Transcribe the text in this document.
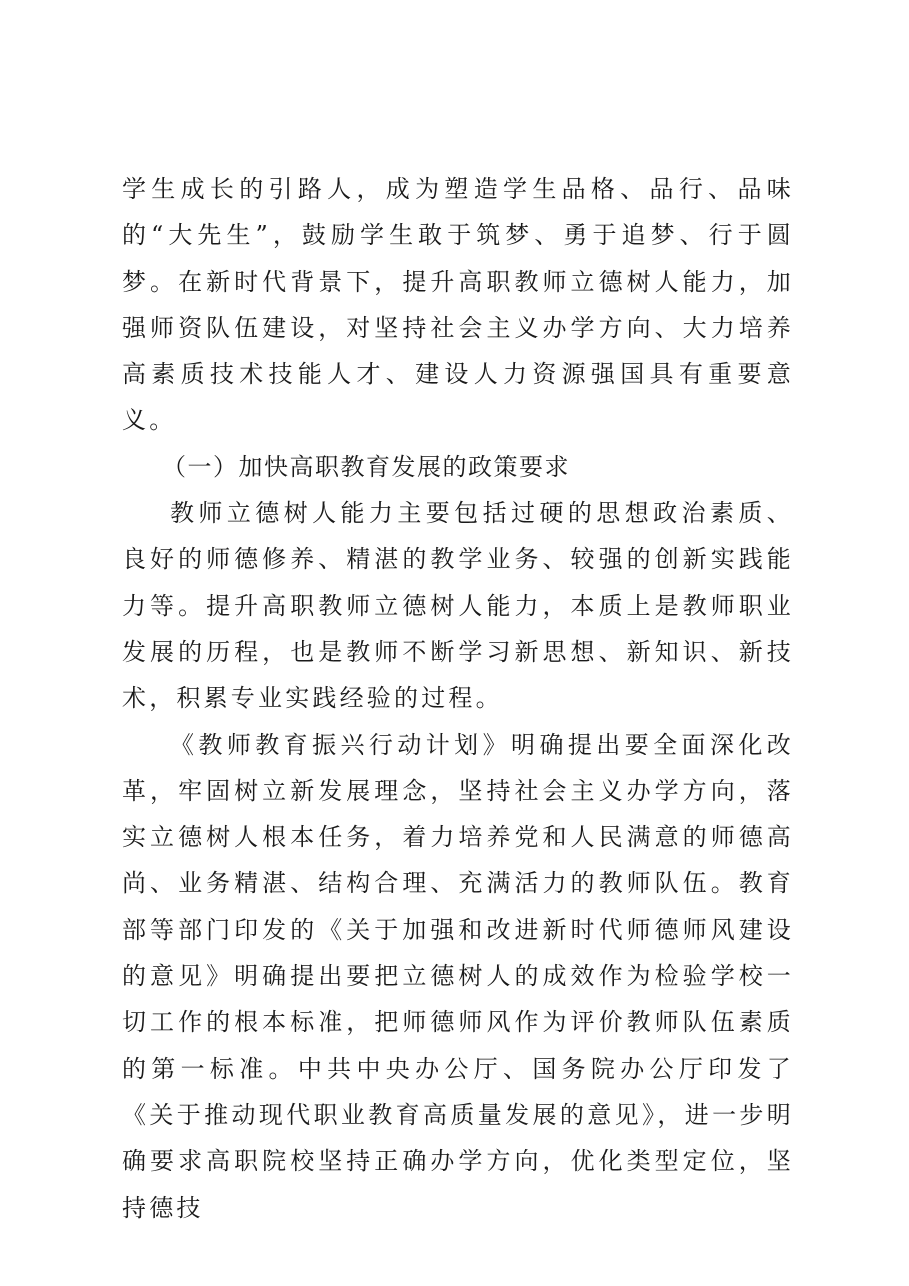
学生成长的引路人，成为塑造学生品格、品行、品味的“大先生”，鼓励学生敢于筑梦、勇于追梦、行于圆梦。在新时代背景下，提升高职教师立德树人能力，加强师资队伍建设，对坚持社会主义办学方向、大力培养高素质技术技能人才、建设人力资源强国具有重要意义。

（一）加快高职教育发展的政策要求

教师立德树人能力主要包括过硬的思想政治素质、良好的师德修养、精湛的教学业务、较强的创新实践能力等。提升高职教师立德树人能力，本质上是教师职业发展的历程，也是教师不断学习新思想、新知识、新技术，积累专业实践经验的过程。

《教师教育振兴行动计划》明确提出要全面深化改革，牢固树立新发展理念，坚持社会主义办学方向，落实立德树人根本任务，着力培养党和人民满意的师德高尚、业务精湛、结构合理、充满活力的教师队伍。教育部等部门印发的《关于加强和改进新时代师德师风建设的意见》明确提出要把立德树人的成效作为检验学校一切工作的根本标准，把师德师风作为评价教师队伍素质的第一标准。中共中央办公厅、国务院办公厅印发了《关于推动现代职业教育高质量发展的意见》，进一步明确要求高职院校坚持正确办学方向，优化类型定位，坚持德技
